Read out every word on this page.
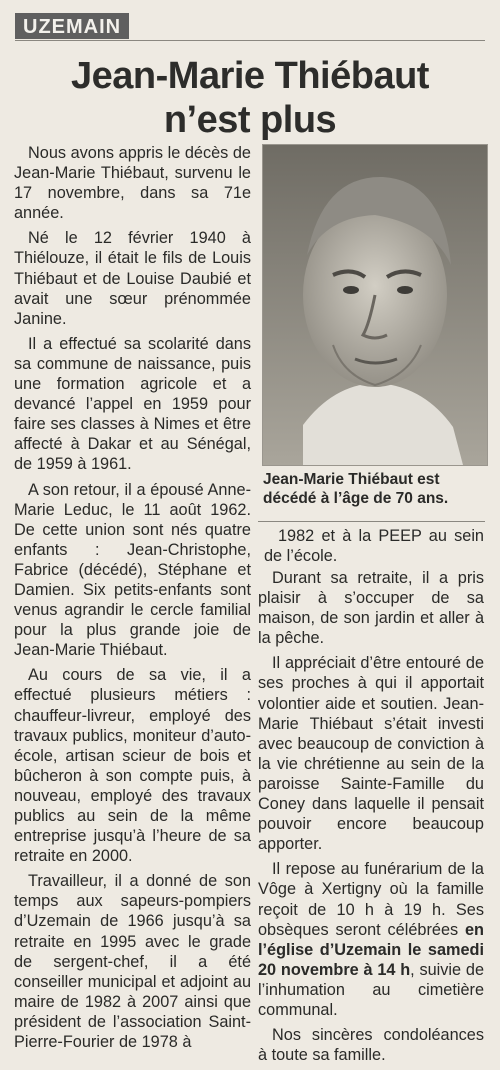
UZEMAIN
Jean-Marie Thiébaut
n’est plus

Nous avons appris le décès de Jean-Marie Thiébaut, survenu le 17 novembre, dans sa 71e année.

Né le 12 février 1940 à Thiélouze, il était le fils de Louis Thiébaut et de Louise Daubié et avait une sœur prénommée Janine.

Il a effectué sa scolarité dans sa commune de naissance, puis une formation agricole et a devancé l’appel en 1959 pour faire ses classes à Nimes et être affecté à Dakar et au Sénégal, de 1959 à 1961.

A son retour, il a épousé Anne-Marie Leduc, le 11 août 1962. De cette union sont nés quatre enfants : Jean-Christophe, Fabrice (décédé), Stéphane et Damien. Six petits-enfants sont venus agrandir le cercle familial pour la plus grande joie de Jean-Marie Thiébaut.

Au cours de sa vie, il a effectué plusieurs métiers : chauffeur-livreur, employé des travaux publics, moniteur d’auto-école, artisan scieur de bois et bûcheron à son compte puis, à nouveau, employé des travaux publics au sein de la même entreprise jusqu’à l’heure de sa retraite en 2000.

Travailleur, il a donné de son temps aux sapeurs-pompiers d’Uzemain de 1966 jusqu’à sa retraite en 1995 avec le grade de sergent-chef, il a été conseiller municipal et adjoint au maire de 1982 à 2007 ainsi que président de l’association Saint-Pierre-Fourier de 1978 à

Jean-Marie Thiébaut est décédé à l’âge de 70 ans.

1982 et à la PEEP au sein de l’école.

Durant sa retraite, il a pris plaisir à s’occuper de sa maison, de son jardin et aller à la pêche.

Il appréciait d’être entouré de ses proches à qui il apportait volontier aide et soutien. Jean-Marie Thiébaut s’était investi avec beaucoup de conviction à la vie chrétienne au sein de la paroisse Sainte-Famille du Coney dans laquelle il pensait pouvoir encore beaucoup apporter.

Il repose au funérarium de la Vôge à Xertigny où la famille reçoit de 10 h à 19 h. Ses obsèques seront célébrées en l’église d’Uzemain le samedi 20 novembre à 14 h, suivie de l’inhumation au cimetière communal.

Nos sincères condoléances à toute sa famille.
